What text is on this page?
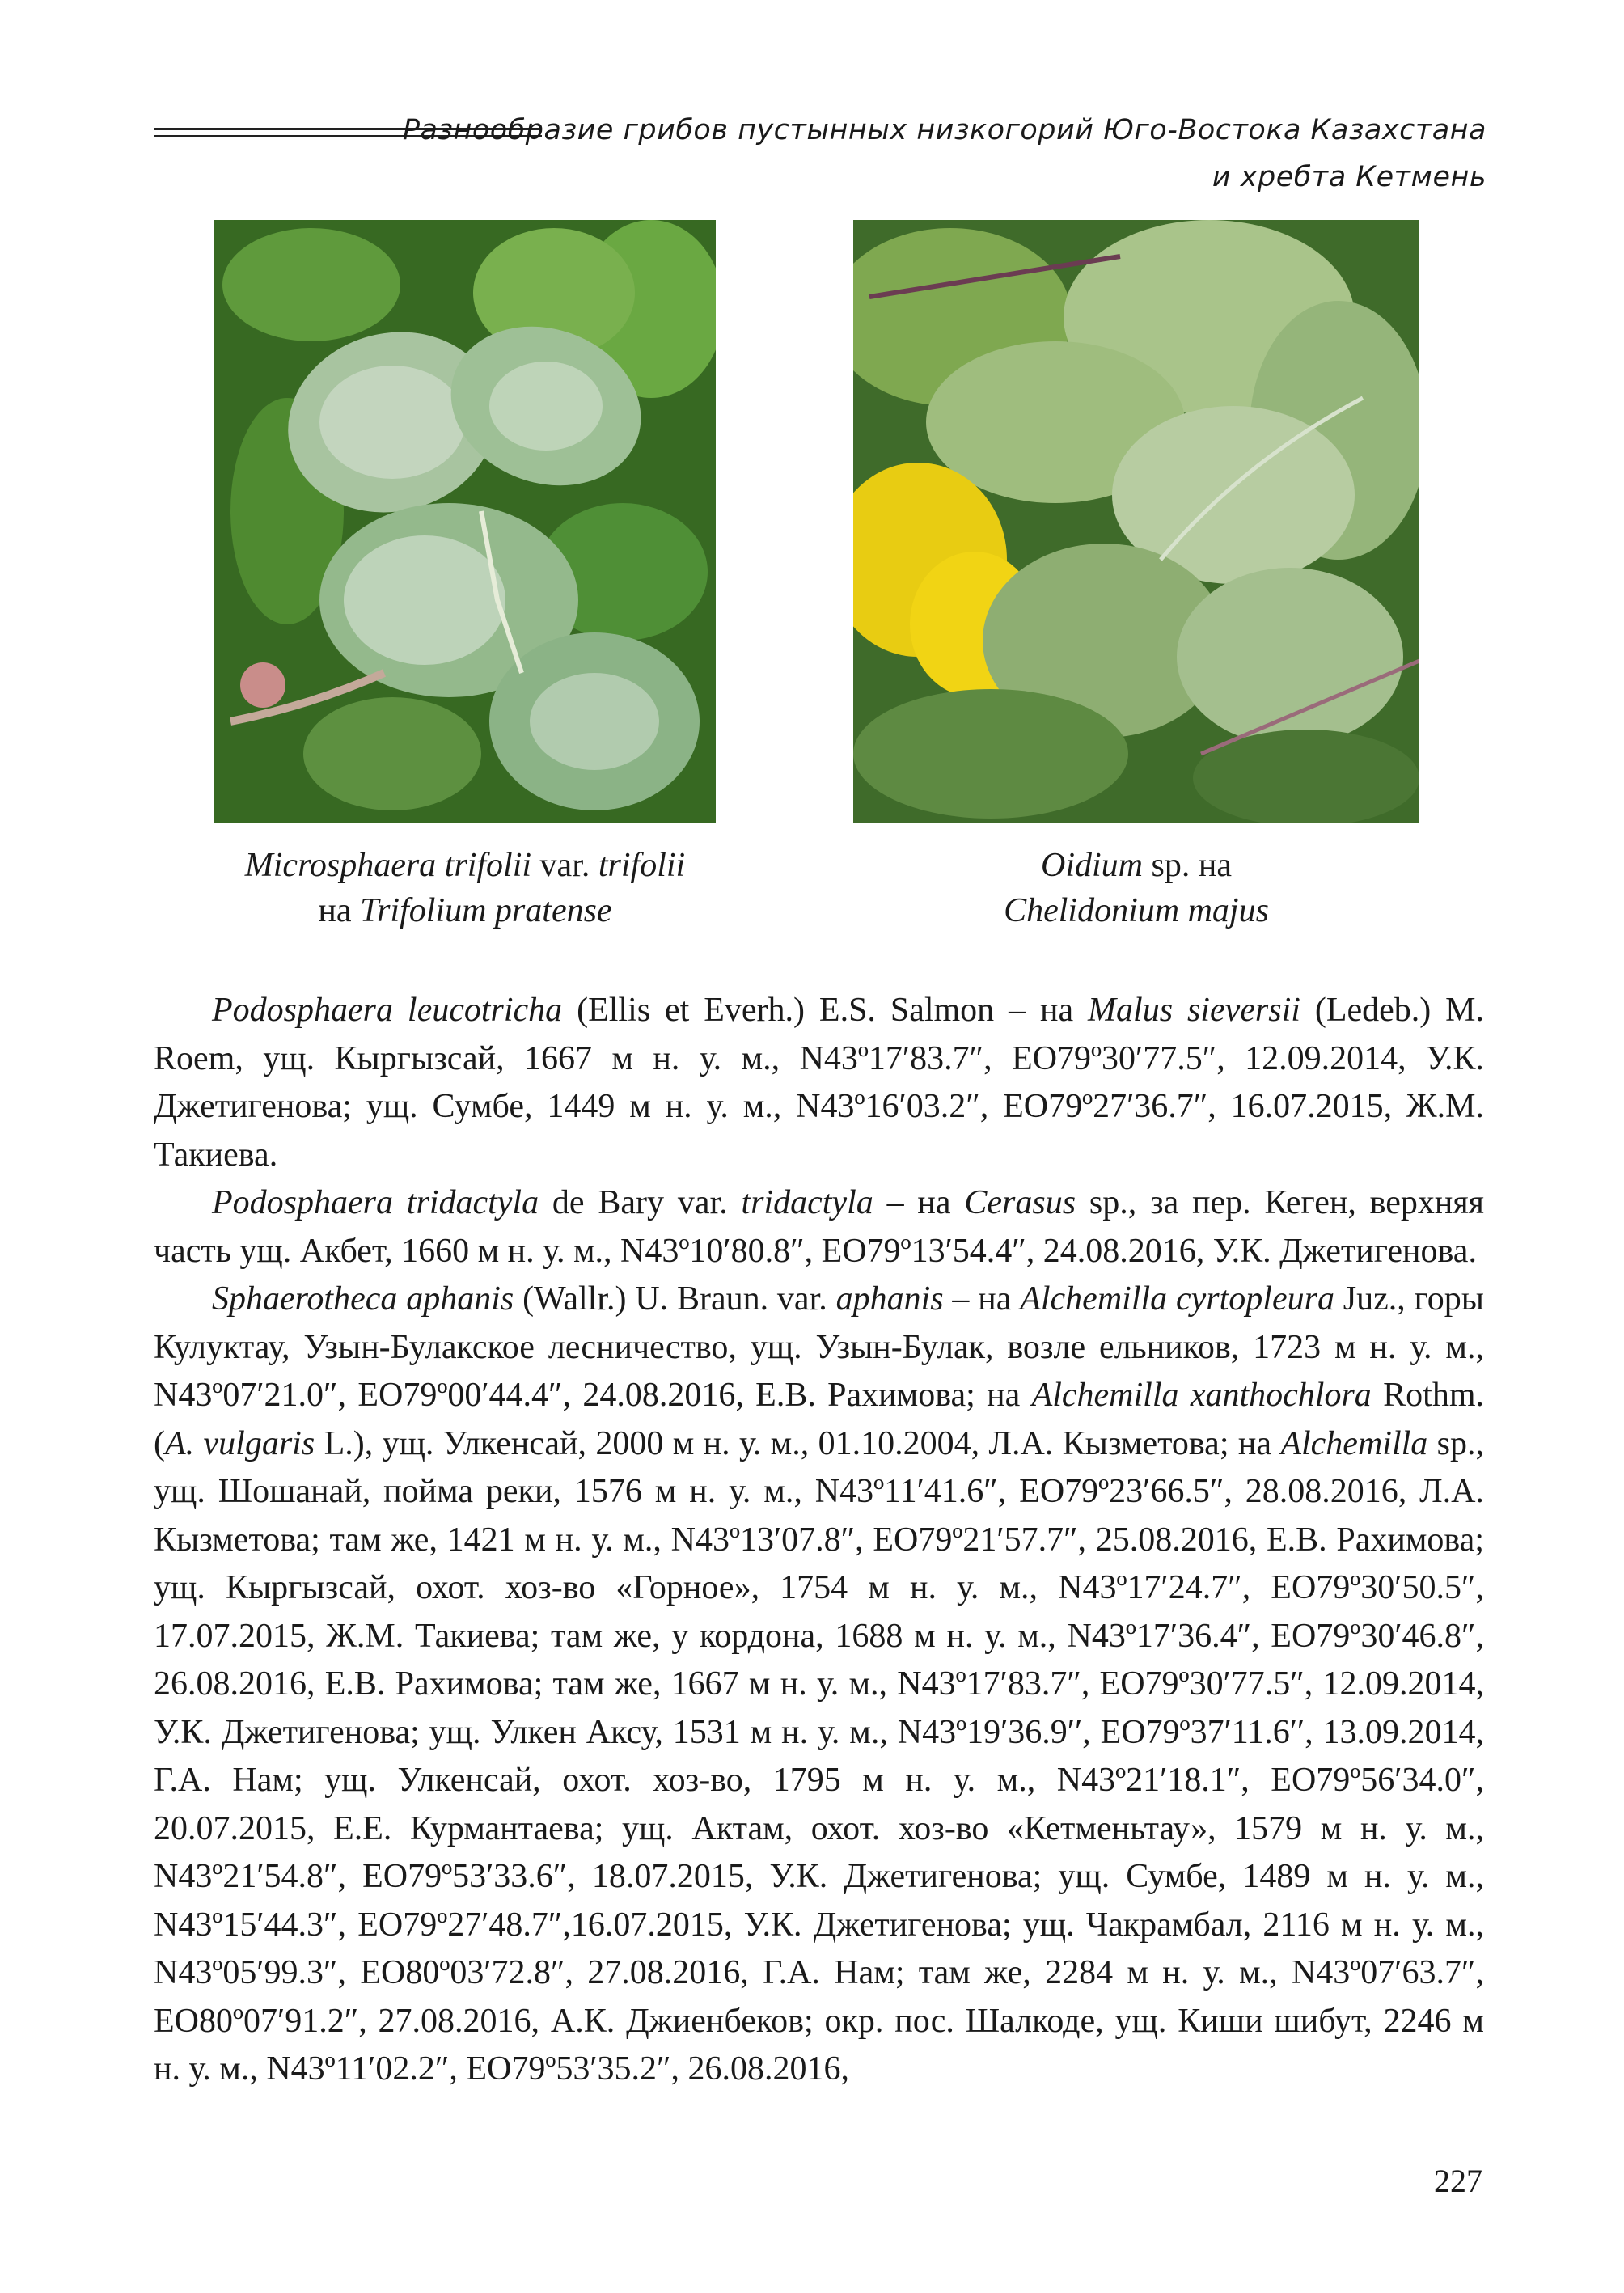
Разнообразие грибов пустынных низкогорий Юго-Востока Казахстана
и хребта Кетмень
Microsphaera trifolii var. trifolii
на Trifolium pratense
Oidium sp. на
Chelidonium majus

Podosphaera leucotricha (Ellis et Everh.) E.S. Salmon – на Malus sieversii (Ledeb.) M. Roem, ущ. Кыргызсай, 1667 м н. у. м., N43º17′83.7″, EO79º30′77.5″, 12.09.2014, У.К. Джетигенова; ущ. Сумбе, 1449 м н. у. м., N43º16′03.2″, EO79º27′36.7″, 16.07.2015, Ж.М. Такиева.

Podosphaera tridactyla de Bary var. tridactyla – на Cerasus sp., за пер. Кеген, верхняя часть ущ. Акбет, 1660 м н. у. м., N43º10′80.8″, EO79º13′54.4″, 24.08.2016, У.К. Джетигенова.

Sphaerotheca aphanis (Wallr.) U. Braun. var. aphanis – на Alchemilla cyrtopleura Juz., горы Кулуктау, Узын-Булакское лесничество, ущ. Узын-Булак, возле ельников, 1723 м н. у. м., N43º07′21.0″, EO79º00′44.4″, 24.08.2016, Е.В. Рахимова; на Alchemilla xanthochlora Rothm. (A. vulgaris L.), ущ. Улкенсай, 2000 м н. у. м., 01.10.2004, Л.А. Кызметова; на Alchemilla sp., ущ. Шошанай, пойма реки, 1576 м н. у. м., N43º11′41.6″, EO79º23′66.5″, 28.08.2016, Л.А. Кызметова; там же, 1421 м н. у. м., N43º13′07.8″, EO79º21′57.7″, 25.08.2016, Е.В. Рахимова; ущ. Кыргызсай, охот. хоз-во «Горное», 1754 м н. у. м., N43º17′24.7″, EO79º30′50.5″, 17.07.2015, Ж.М. Такиева; там же, у кордона, 1688 м н. у. м., N43º17′36.4″, EO79º30′46.8″, 26.08.2016, Е.В. Рахимова; там же, 1667 м н. у. м., N43º17′83.7″, EO79º30′77.5″, 12.09.2014, У.К. Джетигенова; ущ. Улкен Аксу, 1531 м н. у. м., N43º19′36.9′′, EO79º37′11.6′′, 13.09.2014, Г.А. Нам; ущ. Улкенсай, охот. хоз-во, 1795 м н. у. м., N43º21′18.1″, EO79º56′34.0″, 20.07.2015, Е.Е. Курмантаева; ущ. Актам, охот. хоз-во «Кетменьтау», 1579 м н. у. м., N43º21′54.8″, EO79º53′33.6″, 18.07.2015, У.К. Джетигенова; ущ. Сумбе, 1489 м н. у. м., N43º15′44.3″, EO79º27′48.7″,16.07.2015, У.К. Джетигенова; ущ. Чакрамбал, 2116 м н. у. м., N43º05′99.3″, EO80º03′72.8″, 27.08.2016, Г.А. Нам; там же, 2284 м н. у. м., N43º07′63.7″, EO80º07′91.2″, 27.08.2016, А.К. Джиенбеков; окр. пос. Шалкоде, ущ. Киши шибут, 2246 м н. у. м., N43º11′02.2″, EO79º53′35.2″, 26.08.2016,

227
